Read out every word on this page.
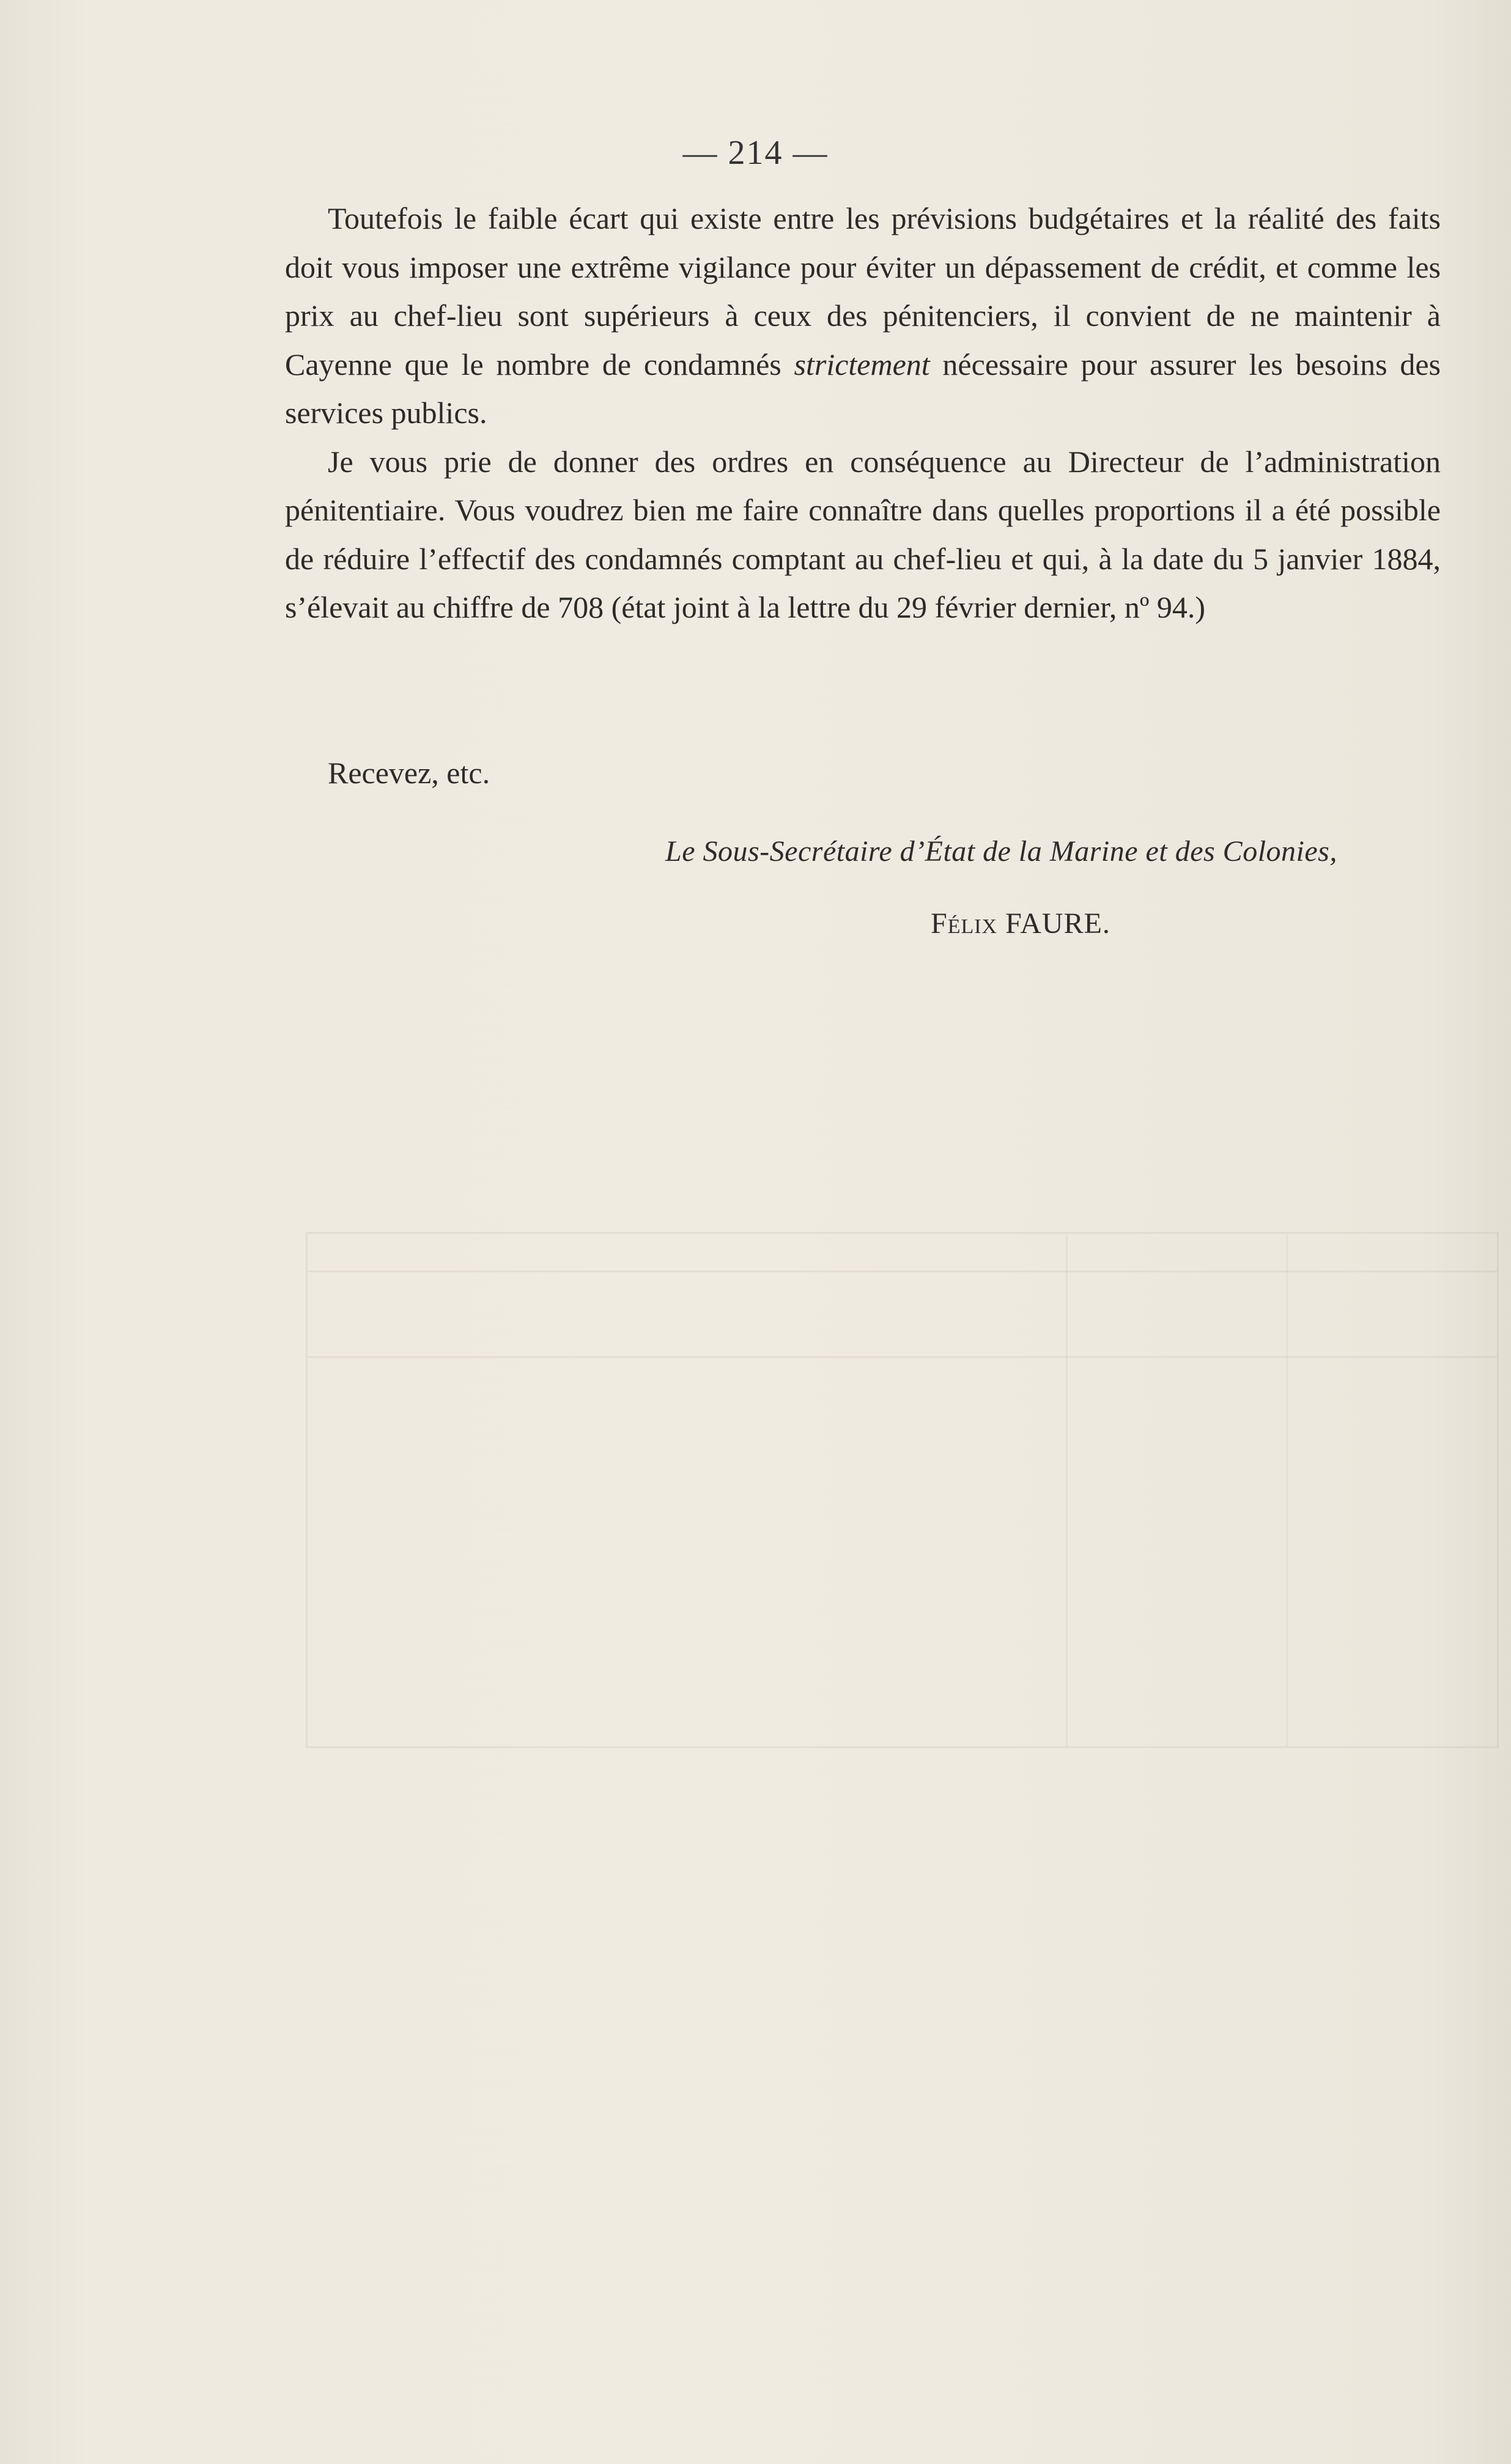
— 214 —

Toutefois le faible écart qui existe entre les prévisions budgétaires et la réalité des faits doit vous imposer une extrême vigilance pour éviter un dépassement de crédit, et comme les prix au chef-lieu sont supérieurs à ceux des pénitenciers, il convient de ne maintenir à Cayenne que le nombre de condamnés strictement nécessaire pour assurer les besoins des services publics.

Je vous prie de donner des ordres en conséquence au Directeur de l’administration pénitentiaire. Vous voudrez bien me faire connaître dans quelles proportions il a été possible de réduire l’effectif des condamnés comptant au chef-lieu et qui, à la date du 5 janvier 1884, s’élevait au chiffre de 708 (état joint à la lettre du 29 février dernier, nº 94.)

Recevez, etc.
Le Sous-Secrétaire d’État de la Marine et des Colonies,
Félix FAURE.
